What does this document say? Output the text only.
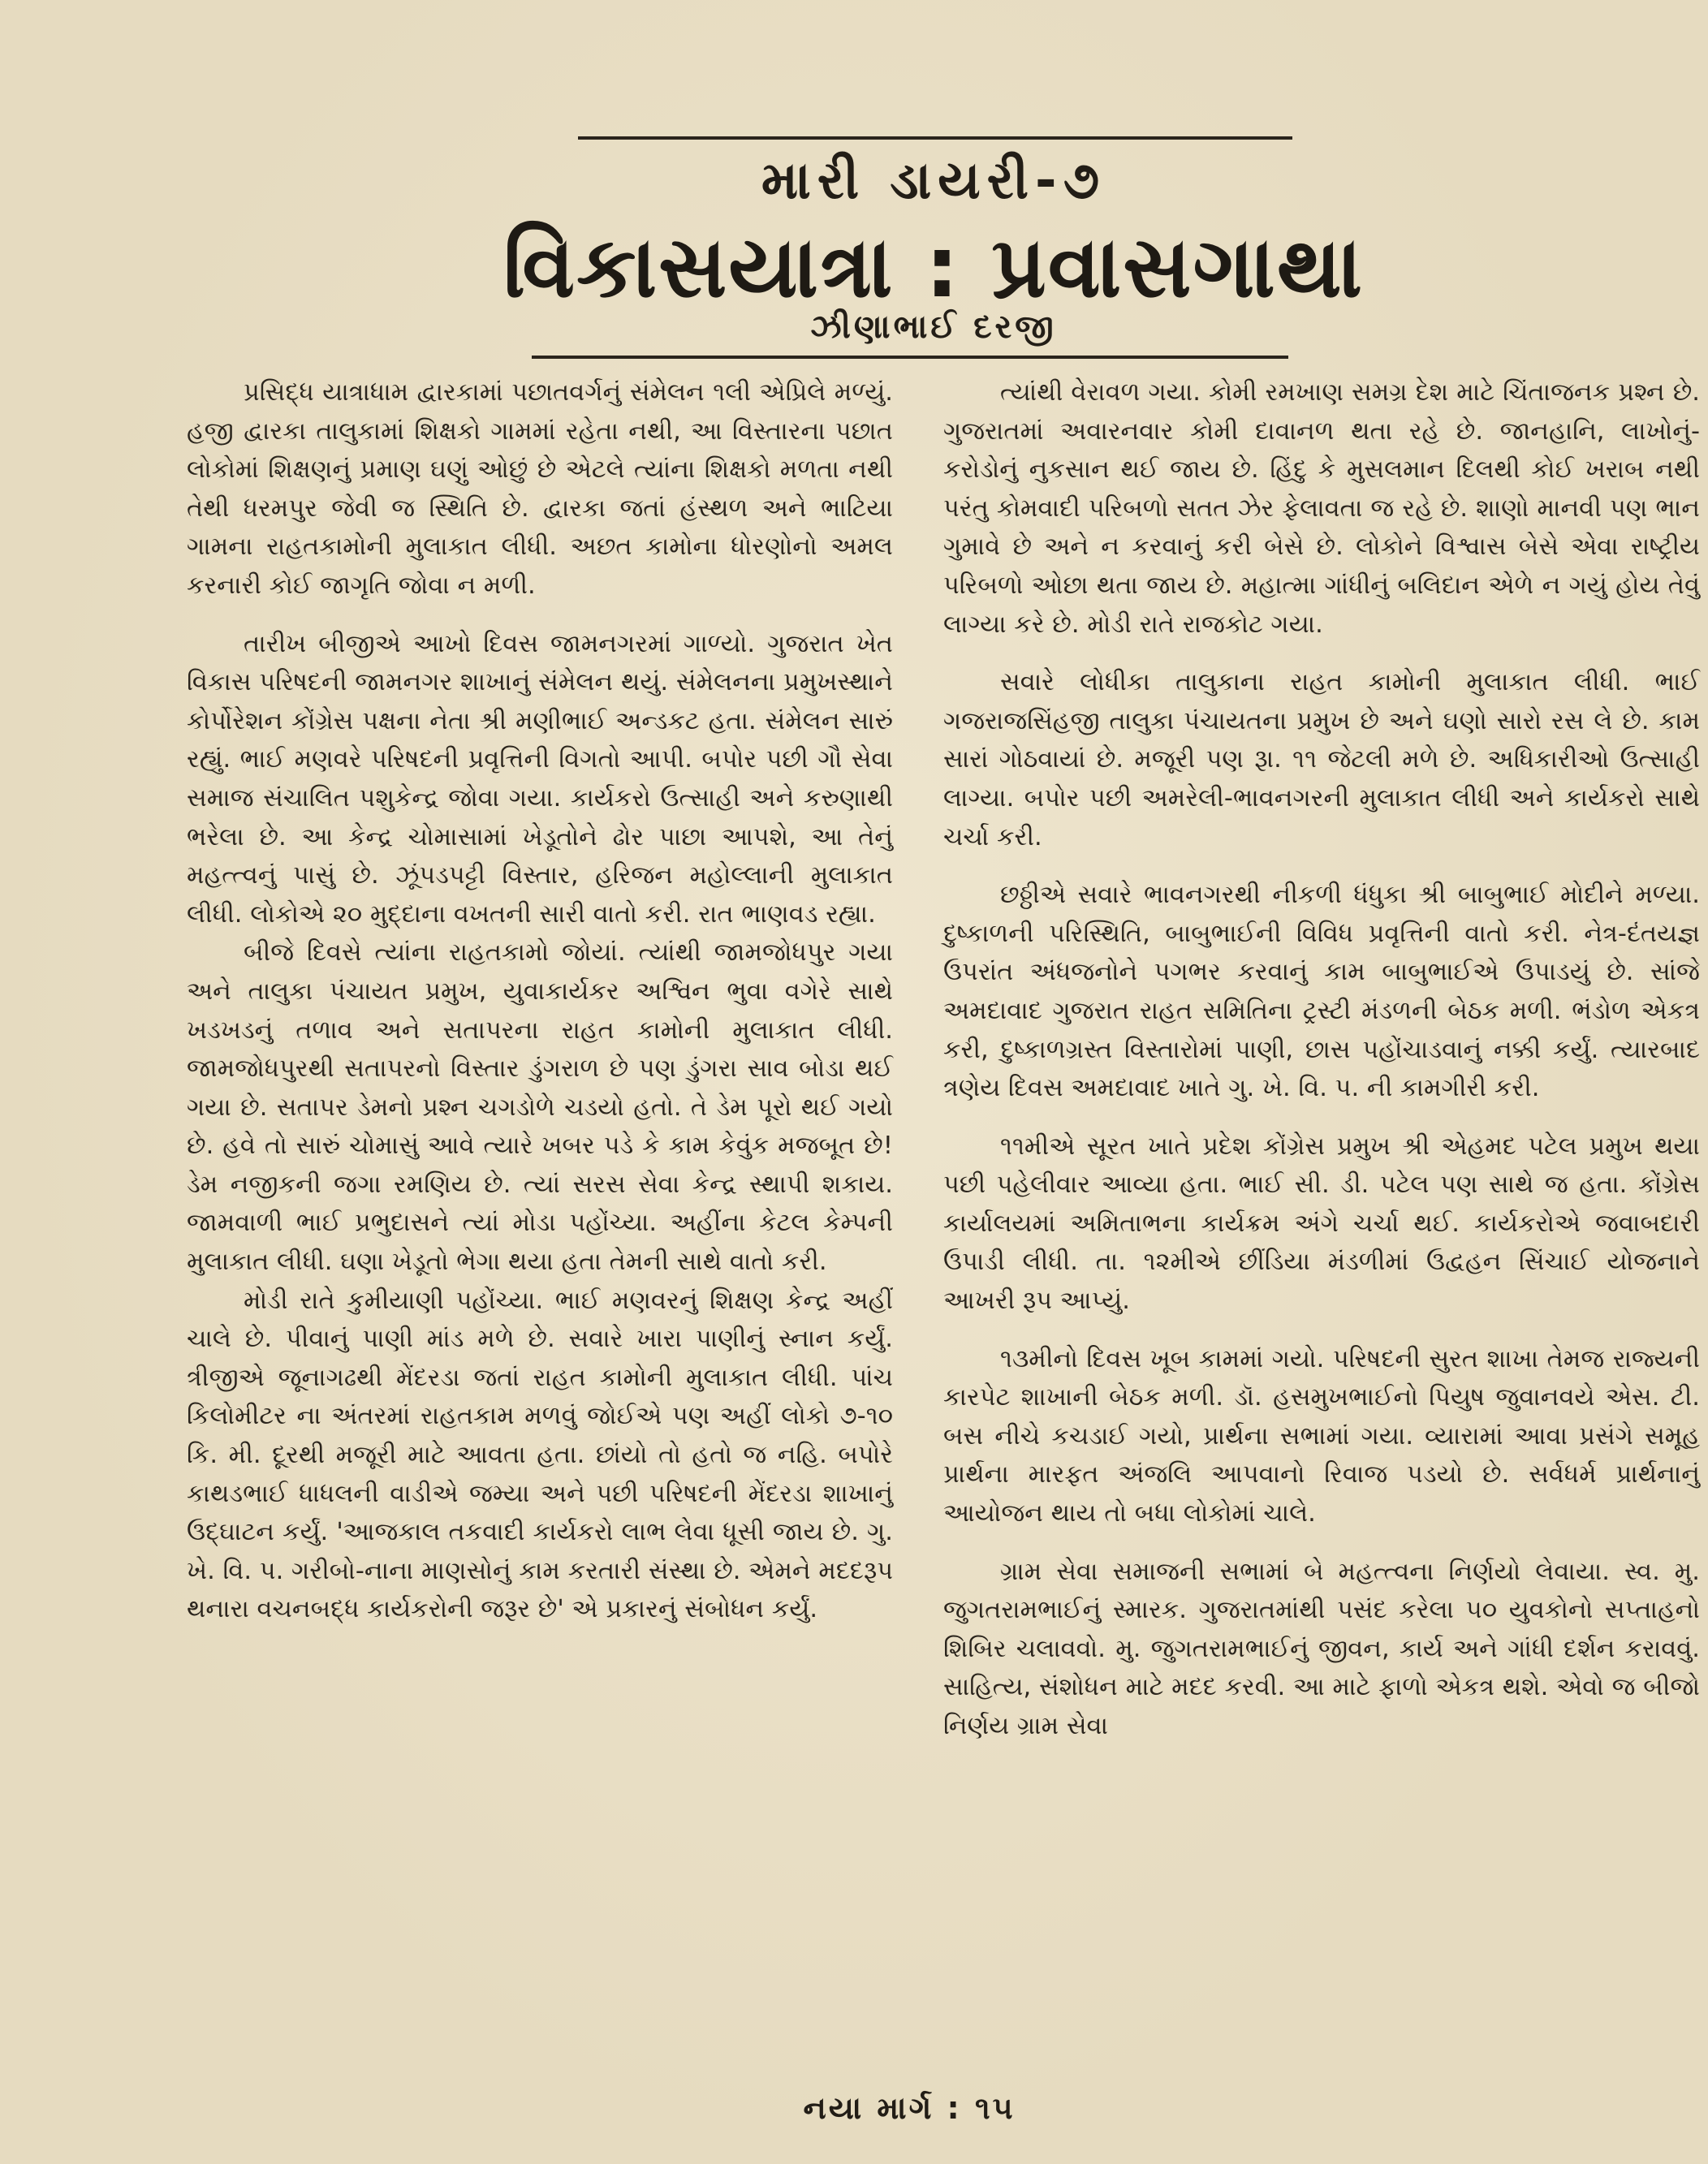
મારી ડાયરી-૭
વિકાસયાત્રા : પ્રવાસગાથા
ઝીણાભાઈ દરજી

પ્રસિદ્ધ યાત્રાધામ દ્વારકામાં પછાતવર્ગનું સંમેલન ૧લી એપ્રિલે મળ્યું. હજી દ્વારકા તાલુકામાં શિક્ષકો ગામમાં રહેતા નથી, આ વિસ્તારના પછાત લોકોમાં શિક્ષણનું પ્રમાણ ઘણું ઓછું છે એટલે ત્યાંના શિક્ષકો મળતા નથી તેથી ધરમપુર જેવી જ સ્થિતિ છે. દ્વારકા જતાં હંસ્થળ અને ભાટિયા ગામના રાહતકામોની મુલાકાત લીધી. અછત કામોના ધોરણોનો અમલ કરનારી કોઈ જાગૃતિ જોવા ન મળી.

તારીખ બીજીએ આખો દિવસ જામનગરમાં ગાળ્યો. ગુજરાત ખેત વિકાસ પરિષદની જામનગર શાખાનું સંમેલન થયું. સંમેલનના પ્રમુખસ્થાને કોર્પોરેશન કોંગ્રેસ પક્ષના નેતા શ્રી મણીભાઈ અન્ડકટ હતા. સંમેલન સારું રહ્યું. ભાઈ મણવરે પરિષદની પ્રવૃત્તિની વિગતો આપી. બપોર પછી ગૌ સેવા સમાજ સંચાલિત પશુકેન્દ્ર જોવા ગયા. કાર્યકરો ઉત્સાહી અને કરુણાથી ભરેલા છે. આ કેન્દ્ર ચોમાસામાં ખેડૂતોને ઢોર પાછા આપશે, આ તેનું મહત્ત્વનું પાસું છે. ઝૂંપડપટ્ટી વિસ્તાર, હરિજન મહોલ્લાની મુલાકાત લીધી. લોકોએ ૨૦ મુદ્દાના વખતની સારી વાતો કરી. રાત ભાણવડ રહ્યા.

બીજે દિવસે ત્યાંના રાહતકામો જોયાં. ત્યાંથી જામજોધપુર ગયા અને તાલુકા પંચાયત પ્રમુખ, યુવાકાર્યકર અશ્વિન ભુવા વગેરે સાથે ખડખડનું તળાવ અને સતાપરના રાહત કામોની મુલાકાત લીધી. જામજોધપુરથી સતાપરનો વિસ્તાર ડુંગરાળ છે પણ ડુંગરા સાવ બોડા થઈ ગયા છે. સતાપર ડેમનો પ્રશ્ન ચગડોળે ચડયો હતો. તે ડેમ પૂરો થઈ ગયો છે. હવે તો સારું ચોમાસું આવે ત્યારે ખબર પડે કે કામ કેવુંક મજબૂત છે! ડેમ નજીકની જગા રમણિય છે. ત્યાં સરસ સેવા કેન્દ્ર સ્થાપી શકાય. જામવાળી ભાઈ પ્રભુદાસને ત્યાં મોડા પહોંચ્યા. અહીંના કેટલ કેમ્પની મુલાકાત લીધી. ઘણા ખેડૂતો ભેગા થયા હતા તેમની સાથે વાતો કરી.

મોડી રાતે કુમીયાણી પહોંચ્યા. ભાઈ મણવરનું શિક્ષણ કેન્દ્ર અહીં ચાલે છે. પીવાનું પાણી માંડ મળે છે. સવારે ખારા પાણીનું સ્નાન કર્યું. ત્રીજીએ જૂનાગઢથી મેંદરડા જતાં રાહત કામોની મુલાકાત લીધી. પાંચ કિલોમીટર ના અંતરમાં રાહતકામ મળવું જોઈએ પણ અહીં લોકો ૭-૧૦ કિ. મી. દૂરથી મજૂરી માટે આવતા હતા. છાંયો તો હતો જ નહિ. બપોરે કાથડભાઈ ધાધલની વાડીએ જમ્યા અને પછી પરિષદની મેંદરડા શાખાનું ઉદ્ઘાટન કર્યું. 'આજકાલ તકવાદી કાર્યકરો લાભ લેવા ધૂસી જાય છે. ગુ. ખે. વિ. પ. ગરીબો-નાના માણસોનું કામ કરતારી સંસ્થા છે. એમને મદદરૂપ થનારા વચનબદ્ધ કાર્યકરોની જરૂર છે' એ પ્રકારનું સંબોધન કર્યું.

ત્યાંથી વેરાવળ ગયા. કોમી રમખાણ સમગ્ર દેશ માટે ચિંતાજનક પ્રશ્ન છે. ગુજરાતમાં અવારનવાર કોમી દાવાનળ થતા રહે છે. જાનહાનિ, લાખોનું-કરોડોનું નુકસાન થઈ જાય છે. હિંદુ કે મુસલમાન દિલથી કોઈ ખરાબ નથી પરંતુ કોમવાદી પરિબળો સતત ઝેર ફેલાવતા જ રહે છે. શાણો માનવી પણ ભાન ગુમાવે છે અને ન કરવાનું કરી બેસે છે. લોકોને વિશ્વાસ બેસે એવા રાષ્ટ્રીય પરિબળો ઓછા થતા જાય છે. મહાત્મા ગાંધીનું બલિદાન એળે ન ગયું હોય તેવું લાગ્યા કરે છે. મોડી રાતે રાજકોટ ગયા.

સવારે લોધીકા તાલુકાના રાહત કામોની મુલાકાત લીધી. ભાઈ ગજરાજસિંહજી તાલુકા પંચાયતના પ્રમુખ છે અને ઘણો સારો રસ લે છે. કામ સારાં ગોઠવાયાં છે. મજૂરી પણ રૂા. ૧૧ જેટલી મળે છે. અધિકારીઓ ઉત્સાહી લાગ્યા. બપોર પછી અમરેલી-ભાવનગરની મુલાકાત લીધી અને કાર્યકરો સાથે ચર્ચા કરી.

છઠ્ઠીએ સવારે ભાવનગરથી નીકળી ધંધુકા શ્રી બાબુભાઈ મોદીને મળ્યા. દુષ્કાળની પરિસ્થિતિ, બાબુભાઈની વિવિધ પ્રવૃત્તિની વાતો કરી. નેત્ર-દંતયજ્ઞ ઉપરાંત અંધજનોને પગભર કરવાનું કામ બાબુભાઈએ ઉપાડયું છે. સાંજે અમદાવાદ ગુજરાત રાહત સમિતિના ટ્રસ્ટી મંડળની બેઠક મળી. ભંડોળ એકત્ર કરી, દુષ્કાળગ્રસ્ત વિસ્તારોમાં પાણી, છાસ પહોંચાડવાનું નક્કી કર્યું. ત્યારબાદ ત્રણેય દિવસ અમદાવાદ ખાતે ગુ. ખે. વિ. પ. ની કામગીરી કરી.

૧૧મીએ સૂરત ખાતે પ્રદેશ કોંગ્રેસ પ્રમુખ શ્રી એહમદ પટેલ પ્રમુખ થયા પછી પહેલીવાર આવ્યા હતા. ભાઈ સી. ડી. પટેલ પણ સાથે જ હતા. કોંગ્રેસ કાર્યાલયમાં અમિતાભના કાર્યક્રમ અંગે ચર્ચા થઈ. કાર્યકરોએ જવાબદારી ઉપાડી લીધી. તા. ૧૨મીએ છીંડિયા મંડળીમાં ઉદ્વહન સિંચાઈ યોજનાને આખરી રૂપ આપ્યું.

૧૩મીનો દિવસ ખૂબ કામમાં ગયો. પરિષદની સુરત શાખા તેમજ રાજ્યની કારપેટ શાખાની બેઠક મળી. ડૉ. હસમુખભાઈનો પિયુષ જુવાનવયે એસ. ટી. બસ નીચે કચડાઈ ગયો, પ્રાર્થના સભામાં ગયા. વ્યારામાં આવા પ્રસંગે સમૂહ પ્રાર્થના મારફત અંજલિ આપવાનો રિવાજ પડયો છે. સર્વધર્મ પ્રાર્થનાનું આયોજન થાય તો બધા લોકોમાં ચાલે.

ગ્રામ સેવા સમાજની સભામાં બે મહત્ત્વના નિર્ણયો લેવાયા. સ્વ. મુ. જુગતરામભાઈનું સ્મારક. ગુજરાતમાંથી પસંદ કરેલા ૫૦ યુવકોનો સપ્તાહનો શિબિર ચલાવવો. મુ. જુગતરામભાઈનું જીવન, કાર્ય અને ગાંધી દર્શન કરાવવું. સાહિત્ય, સંશોધન માટે મદદ કરવી. આ માટે ફાળો એકત્ર થશે. એવો જ બીજો નિર્ણય ગ્રામ સેવા

નયા માર્ગ : ૧૫
